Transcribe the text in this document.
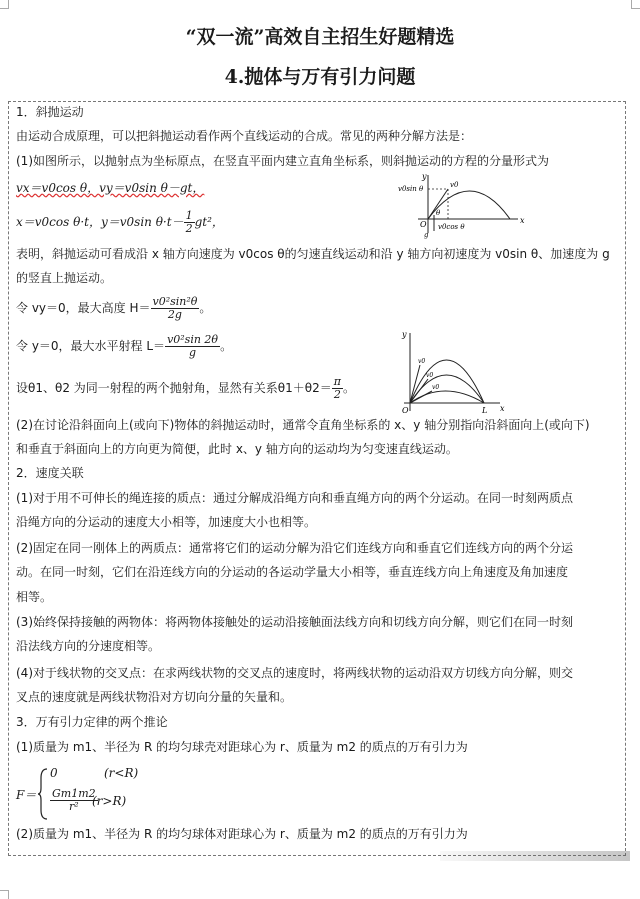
“双一流”高效自主招生好题精选
4.抛体与万有引力问题
1．斜抛运动
由运动合成原理，可以把斜抛运动看作两个直线运动的合成。常见的两种分解方法是：
(1)如图所示，以抛射点为坐标原点，在竖直平面内建立直角坐标系，则斜抛运动的方程的分量形式为
vx＝v0cos θ，vy＝v0sin θ－gt，
x＝v0cos θ·t，y＝v0sin $\theta\cdot t- \frac{1}{2} gt^2$，
y
x
O
v0
v0sin θ
v0cos θ
g
θ
表明，斜抛运动可看成沿 x 轴方向速度为 v0cos θ的匀速直线运动和沿 y 轴方向初速度为 v0sin θ、加速度为 g
的竖直上抛运动。
令 vy＝0，最大高度 $H= \frac{\text{v0²sin²θ}}{2g}$ 。
令 y＝0，最大水平射程 $L= \frac{\text{v0²sin 2θ}}{g}$ 。
设θ1、θ2 为同一射程的两个抛射角，显然有关系$\theta 1+\theta 2= \frac{\pi}{2}$ 。
y
x
O
v0
v0
v0
L
(2)在讨论沿斜面向上(或向下)物体的斜抛运动时，通常令直角坐标系的 x、y 轴分别指向沿斜面向上(或向下)
和垂直于斜面向上的方向更为简便，此时 x、y 轴方向的运动均为匀变速直线运动。
2．速度关联
(1)对于用不可伸长的绳连接的质点：通过分解成沿绳方向和垂直绳方向的两个分运动。在同一时刻两质点
沿绳方向的分运动的速度大小相等，加速度大小也相等。
(2)固定在同一刚体上的两质点：通常将它们的运动分解为沿它们连线方向和垂直它们连线方向的两个分运
动。在同一时刻，它们在沿连线方向的分运动的各运动学量大小相等，垂直连线方向上角速度及角加速度
相等。
(3)始终保持接触的两物体：将两物体接触处的运动沿接触面法线方向和切线方向分解，则它们在同一时刻
沿法线方向的分速度相等。
(4)对于线状物的交叉点：在求两线状物的交叉点的速度时，将两线状物的运动沿双方切线方向分解，则交
叉点的速度就是两线状物沿对方切向分量的矢量和。
3．万有引力定律的两个推论
(1)质量为 m1、半径为 R 的均匀球壳对距球心为 r、质量为 m2 的质点的万有引力为
F＝
0	(r<R)
$\frac{Gm1m2}{\text{r²}}$
(r>R)
(2)质量为 m1、半径为 R 的均匀球体对距球心为 r、质量为 m2 的质点的万有引力为
